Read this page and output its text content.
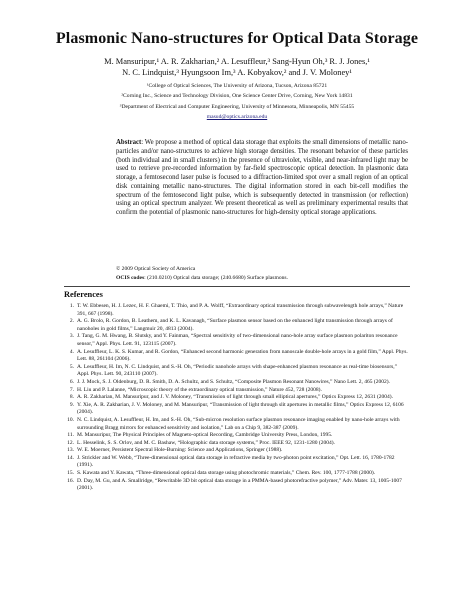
Plasmonic Nano-structures for Optical Data Storage
M. Mansuripur,¹ A. R. Zakharian,² A. Lesuffleur,³ Sang-Hyun Oh,³ R. J. Jones,¹
N. C. Lindquist,³ Hyungsoon Im,³ A. Kobyakov,² and J. V. Moloney¹
¹College of Optical Sciences, The University of Arizona, Tucson, Arizona 85721
²Corning Inc., Science and Technology Division, One Science Center Drive, Corning, New York 14831
³Department of Electrical and Computer Engineering, University of Minnesota, Minneapolis, MN 55455
masud@optics.arizona.edu
Abstract: We propose a method of optical data storage that exploits the small dimensions of metallic nano-particles and/or nano-structures to achieve high storage densities. The resonant behavior of these particles (both individual and in small clusters) in the presence of ultraviolet, visible, and near-infrared light may be used to retrieve pre-recorded information by far-field spectroscopic optical detection. In plasmonic data storage, a femtosecond laser pulse is focused to a diffraction-limited spot over a small region of an optical disk containing metallic nano-structures. The digital information stored in each bit-cell modifies the spectrum of the femtosecond light pulse, which is subsequently detected in transmission (or reflection) using an optical spectrum analyzer. We present theoretical as well as preliminary experimental results that confirm the potential of plasmonic nano-structures for high-density optical storage applications.
© 2009 Optical Society of America
OCIS codes: (210.0210) Optical data storage; (240.6680) Surface plasmons.
References
1. T. W. Ebbesen, H. J. Lezec, H. F. Ghaemi, T. Thio, and P. A. Wolff, “Extraordinary optical transmission through subwavelength hole arrays,” Nature 391, 667 (1998).
2. A. G. Brolo, R. Gordon, B. Leathem, and K. L. Kavanagh, “Surface plasmon sensor based on the enhanced light transmission through arrays of nanoholes in gold films,” Langmuir 20, 4813 (2004).
3. J. Tang, G. M. Hwang, B. Slutsky, and Y. Fainman, “Spectral sensitivity of two-dimensional nano-hole array surface plasmon polariton resonance sensor,” Appl. Phys. Lett. 91, 123115 (2007).
4. A. Lesuffleur, L. K. S. Kumar, and R. Gordon, “Enhanced second harmonic generation from nanoscale double-hole arrays in a gold film,” Appl. Phys. Lett. 88, 261104 (2006).
5. A. Lesuffleur, H. Im, N. C. Lindquist, and S.-H. Oh, “Periodic nanohole arrays with shape-enhanced plasmon resonance as real-time biosensors,” Appl. Phys. Lett. 90, 243110 (2007).
6. J. J. Mock, S. J. Oldenburg, D. R. Smith, D. A. Schultz, and S. Schultz, “Composite Plasmon Resonant Nanowires,” Nano Lett. 2, 465 (2002).
7. H. Liu and P. Lalanne, “Microscopic theory of the extraordinary optical transmission,” Nature 452, 728 (2008).
8. A. R. Zakharian, M. Mansuripur, and J. V. Moloney, “Transmission of light through small elliptical apertures,” Optics Express 12, 2631 (2004).
9. Y. Xie, A. R. Zakharian, J. V. Moloney, and M. Mansuripur, “Transmission of light through slit apertures in metallic films,” Optics Express 12, 6106 (2004).
10. N. C. Lindquist, A. Lesuffleur, H. Im, and S.-H. Oh, “Sub-micron resolution surface plasmon resonance imaging enabled by nano-hole arrays with surrounding Bragg mirrors for enhanced sensitivity and isolation,” Lab on a Chip 9, 382-387 (2009).
11. M. Mansuripur, The Physical Principles of Magneto-optical Recording, Cambridge University Press, London, 1995.
12. L. Hesselink, S. S. Orlov, and M. C. Bashaw, “Holographic data storage systems,” Proc. IEEE 92, 1231-1280 (2004).
13. W. E. Moerner, Persistent Spectral Hole-Burning: Science and Applications, Springer (1988).
14. J. Strickler and W. Webb, “Three-dimensional optical data storage in refractive media by two-photon point excitation,” Opt. Lett. 16, 1780-1782 (1991).
15. S. Kawata and Y. Kawata, “Three-dimensional optical data storage using photochromic materials,” Chem. Rev. 100, 1777-1788 (2000).
16. D. Day, M. Gu, and A. Smallridge, “Rewritable 3D bit optical data storage in a PMMA-based photorefractive polymer,” Adv. Mater. 13, 1005-1007 (2001).
